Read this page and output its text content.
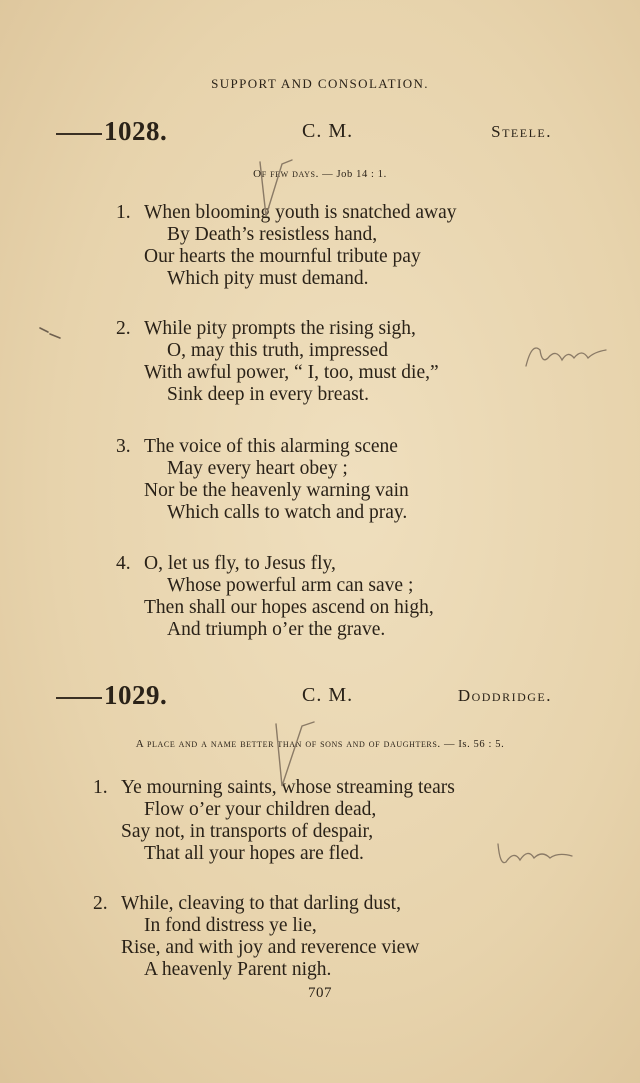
SUPPORT AND CONSOLATION.
1028.	C. M.	Steele.
Of few days. — Job 14 : 1.
1. When blooming youth is snatched away
By Death’s resistless hand,
Our hearts the mournful tribute pay
Which pity must demand.
2. While pity prompts the rising sigh,
O, may this truth, impressed
With awful power, “ I, too, must die,”
Sink deep in every breast.
3. The voice of this alarming scene
May every heart obey ;
Nor be the heavenly warning vain
Which calls to watch and pray.
4. O, let us fly, to Jesus fly,
Whose powerful arm can save ;
Then shall our hopes ascend on high,
And triumph o’er the grave.
1029.	C. M.	Doddridge.
A place and a name better than of sons and of daughters. — Is. 56 : 5.
1. Ye mourning saints, whose streaming tears
Flow o’er your children dead,
Say not, in transports of despair,
That all your hopes are fled.
2. While, cleaving to that darling dust,
In fond distress ye lie,
Rise, and with joy and reverence view
A heavenly Parent nigh.
707
